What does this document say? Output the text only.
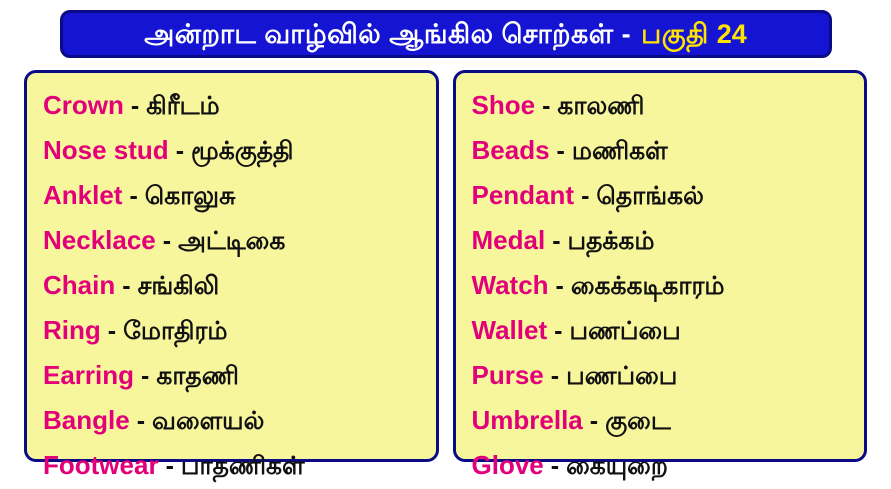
அன்றாட வாழ்வில் ஆங்கில சொற்கள் - பகுதி 24
Crown - கிரீடம்
Nose stud - மூக்குத்தி
Anklet - கொலுசு
Necklace - அட்டிகை
Chain - சங்கிலி
Ring - மோதிரம்
Earring - காதணி
Bangle - வளையல்
Footwear - பாதணிகள்
Shoe - காலணி
Beads - மணிகள்
Pendant - தொங்கல்
Medal - பதக்கம்
Watch - கைக்கடிகாரம்
Wallet - பணப்பை
Purse - பணப்பை
Umbrella - குடை
Glove - கையுறை
